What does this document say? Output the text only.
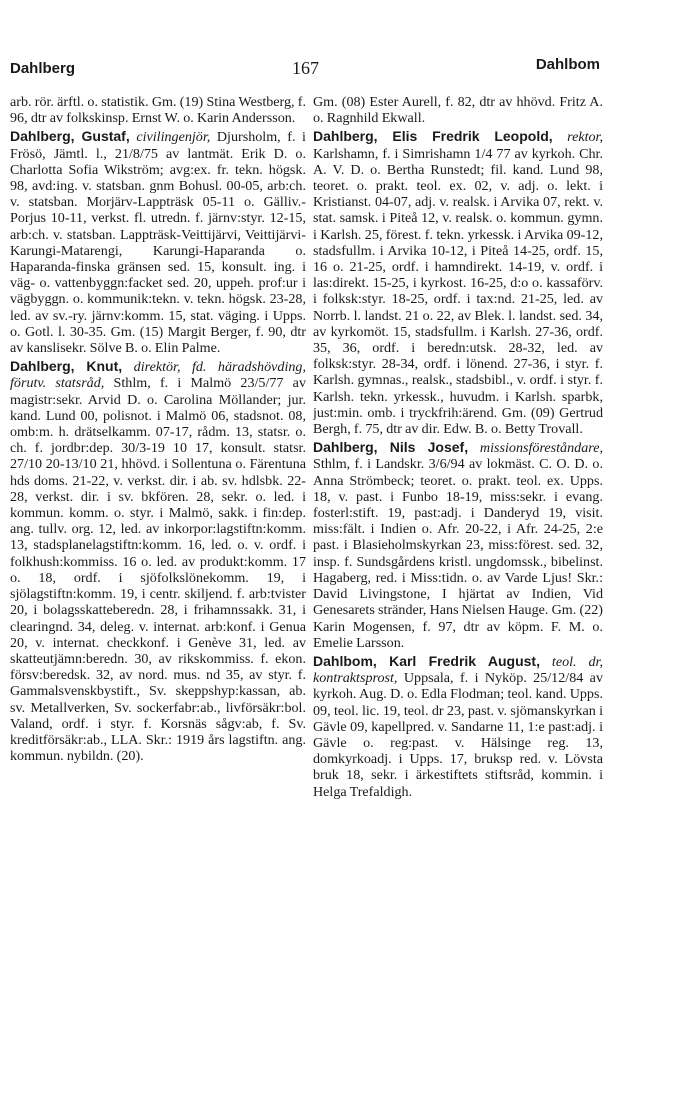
Dahlberg	167	Dahlbom

arb. rör. ärftl. o. statistik. Gm. (19) Stina Westberg, f. 96, dtr av folkskinsp. Ernst W. o. Karin Andersson.

Dahlberg, Gustaf, civilingenjör, Djursholm, f. i Frösö, Jämtl. l., 21/8/75 av lantmät. Erik D. o. Charlotta Sofia Wikström; avg:ex. fr. tekn. högsk. 98, avd:ing. v. statsban. gnm Bohusl. 00-05, arb:ch. v. statsban. Morjärv-Lappträsk 05-11 o. Gälliv.-Porjus 10-11, verkst. fl. utredn. f. järnv:styr. 12-15, arb:ch. v. statsban. Lappträsk-Veittijärvi, Veittijärvi-Karungi-Matarengi, Karungi-Haparanda o. Haparanda-finska gränsen sed. 15, konsult. ing. i väg- o. vattenbyggn:facket sed. 20, uppeh. prof:ur i vägbyggn. o. kommunik:tekn. v. tekn. högsk. 23-28, led. av sv.-ry. järnv:komm. 15, stat. väging. i Upps. o. Gotl. l. 30-35. Gm. (15) Margit Berger, f. 90, dtr av kanslisekr. Sölve B. o. Elin Palme.

Dahlberg, Knut, direktör, fd. häradshövding, förutv. statsråd, Sthlm, f. i Malmö 23/5/77 av magistr:sekr. Arvid D. o. Carolina Möllander; jur. kand. Lund 00, polisnot. i Malmö 06, stadsnot. 08, omb:m. h. drätselkamm. 07-17, rådm. 13, statsr. o. ch. f. jordbr:dep. 30/3-19 10 17, konsult. statsr. 27/10 20-13/10 21, hhövd. i Sollentuna o. Färentuna hds doms. 21-22, v. verkst. dir. i ab. sv. hdlsbk. 22-28, verkst. dir. i sv. bkfören. 28, sekr. o. led. i kommun. komm. o. styr. i Malmö, sakk. i fin:dep. ang. tullv. org. 12, led. av inkorpor:lagstiftn:komm. 13, stadsplanelagstiftn:komm. 16, led. o. v. ordf. i folkhush:kommiss. 16 o. led. av produkt:komm. 17 o. 18, ordf. i sjöfolkslönekomm. 19, i sjölagstiftn:komm. 19, i centr. skiljend. f. arb:tvister 20, i bolagsskatteberedn. 28, i frihamnssakk. 31, i clearingnd. 34, deleg. v. internat. arb:konf. i Genua 20, v. internat. checkkonf. i Genève 31, led. av skatteutjämn:beredn. 30, av rikskommiss. f. ekon. försv:beredsk. 32, av nord. mus. nd 35, av styr. f. Gammalsvenskbystift., Sv. skeppshyp:kassan, ab. sv. Metallverken, Sv. sockerfabr:ab., livförsäkr:bol. Valand, ordf. i styr. f. Korsnäs sågv:ab, f. Sv. kreditförsäkr:ab., LLA. Skr.: 1919 års lagstiftn. ang. kommun. nybildn. (20).

Gm. (08) Ester Aurell, f. 82, dtr av hhövd. Fritz A. o. Ragnhild Ekwall.

Dahlberg, Elis Fredrik Leopold, rektor, Karlshamn, f. i Simrishamn 1/4 77 av kyrkoh. Chr. A. V. D. o. Bertha Runstedt; fil. kand. Lund 98, teoret. o. prakt. teol. ex. 02, v. adj. o. lekt. i Kristianst. 04-07, adj. v. realsk. i Arvika 07, rekt. v. stat. samsk. i Piteå 12, v. realsk. o. kommun. gymn. i Karlsh. 25, förest. f. tekn. yrkessk. i Arvika 09-12, stadsfullm. i Arvika 10-12, i Piteå 14-25, ordf. 15, 16 o. 21-25, ordf. i hamndirekt. 14-19, v. ordf. i las:direkt. 15-25, i kyrkost. 16-25, d:o o. kassaförv. i folksk:styr. 18-25, ordf. i tax:nd. 21-25, led. av Norrb. l. landst. 21 o. 22, av Blek. l. landst. sed. 34, av kyrkomöt. 15, stadsfullm. i Karlsh. 27-36, ordf. 35, 36, ordf. i beredn:utsk. 28-32, led. av folksk:styr. 28-34, ordf. i lönend. 27-36, i styr. f. Karlsh. gymnas., realsk., stadsbibl., v. ordf. i styr. f. Karlsh. tekn. yrkessk., huvudm. i Karlsh. sparbk, just:min. omb. i tryckfrih:ärend. Gm. (09) Gertrud Bergh, f. 75, dtr av dir. Edw. B. o. Betty Trovall.

Dahlberg, Nils Josef, missionsföreståndare, Sthlm, f. i Landskr. 3/6/94 av lokmäst. C. O. D. o. Anna Strömbeck; teoret. o. prakt. teol. ex. Upps. 18, v. past. i Funbo 18-19, miss:sekr. i evang. fosterl:stift. 19, past:adj. i Danderyd 19, visit. miss:fält. i Indien o. Afr. 20-22, i Afr. 24-25, 2:e past. i Blasieholmskyrkan 23, miss:förest. sed. 32, insp. f. Sundsgårdens kristl. ungdomssk., bibelinst. Hagaberg, red. i Miss:tidn. o. av Varde Ljus! Skr.: David Livingstone, I hjärtat av Indien, Vid Genesarets stränder, Hans Nielsen Hauge. Gm. (22) Karin Mogensen, f. 97, dtr av köpm. F. M. o. Emelie Larsson.

Dahlbom, Karl Fredrik August, teol. dr, kontraktsprost, Uppsala, f. i Nyköp. 25/12/84 av kyrkoh. Aug. D. o. Edla Flodman; teol. kand. Upps. 09, teol. lic. 19, teol. dr 23, past. v. sjömanskyrkan i Gävle 09, kapellpred. v. Sandarne 11, 1:e past:adj. i Gävle o. reg:past. v. Hälsinge reg. 13, domkyrkoadj. i Upps. 17, bruksp red. v. Lövsta bruk 18, sekr. i ärkestiftets stiftsråd, kommin. i Helga Trefaldigh.
